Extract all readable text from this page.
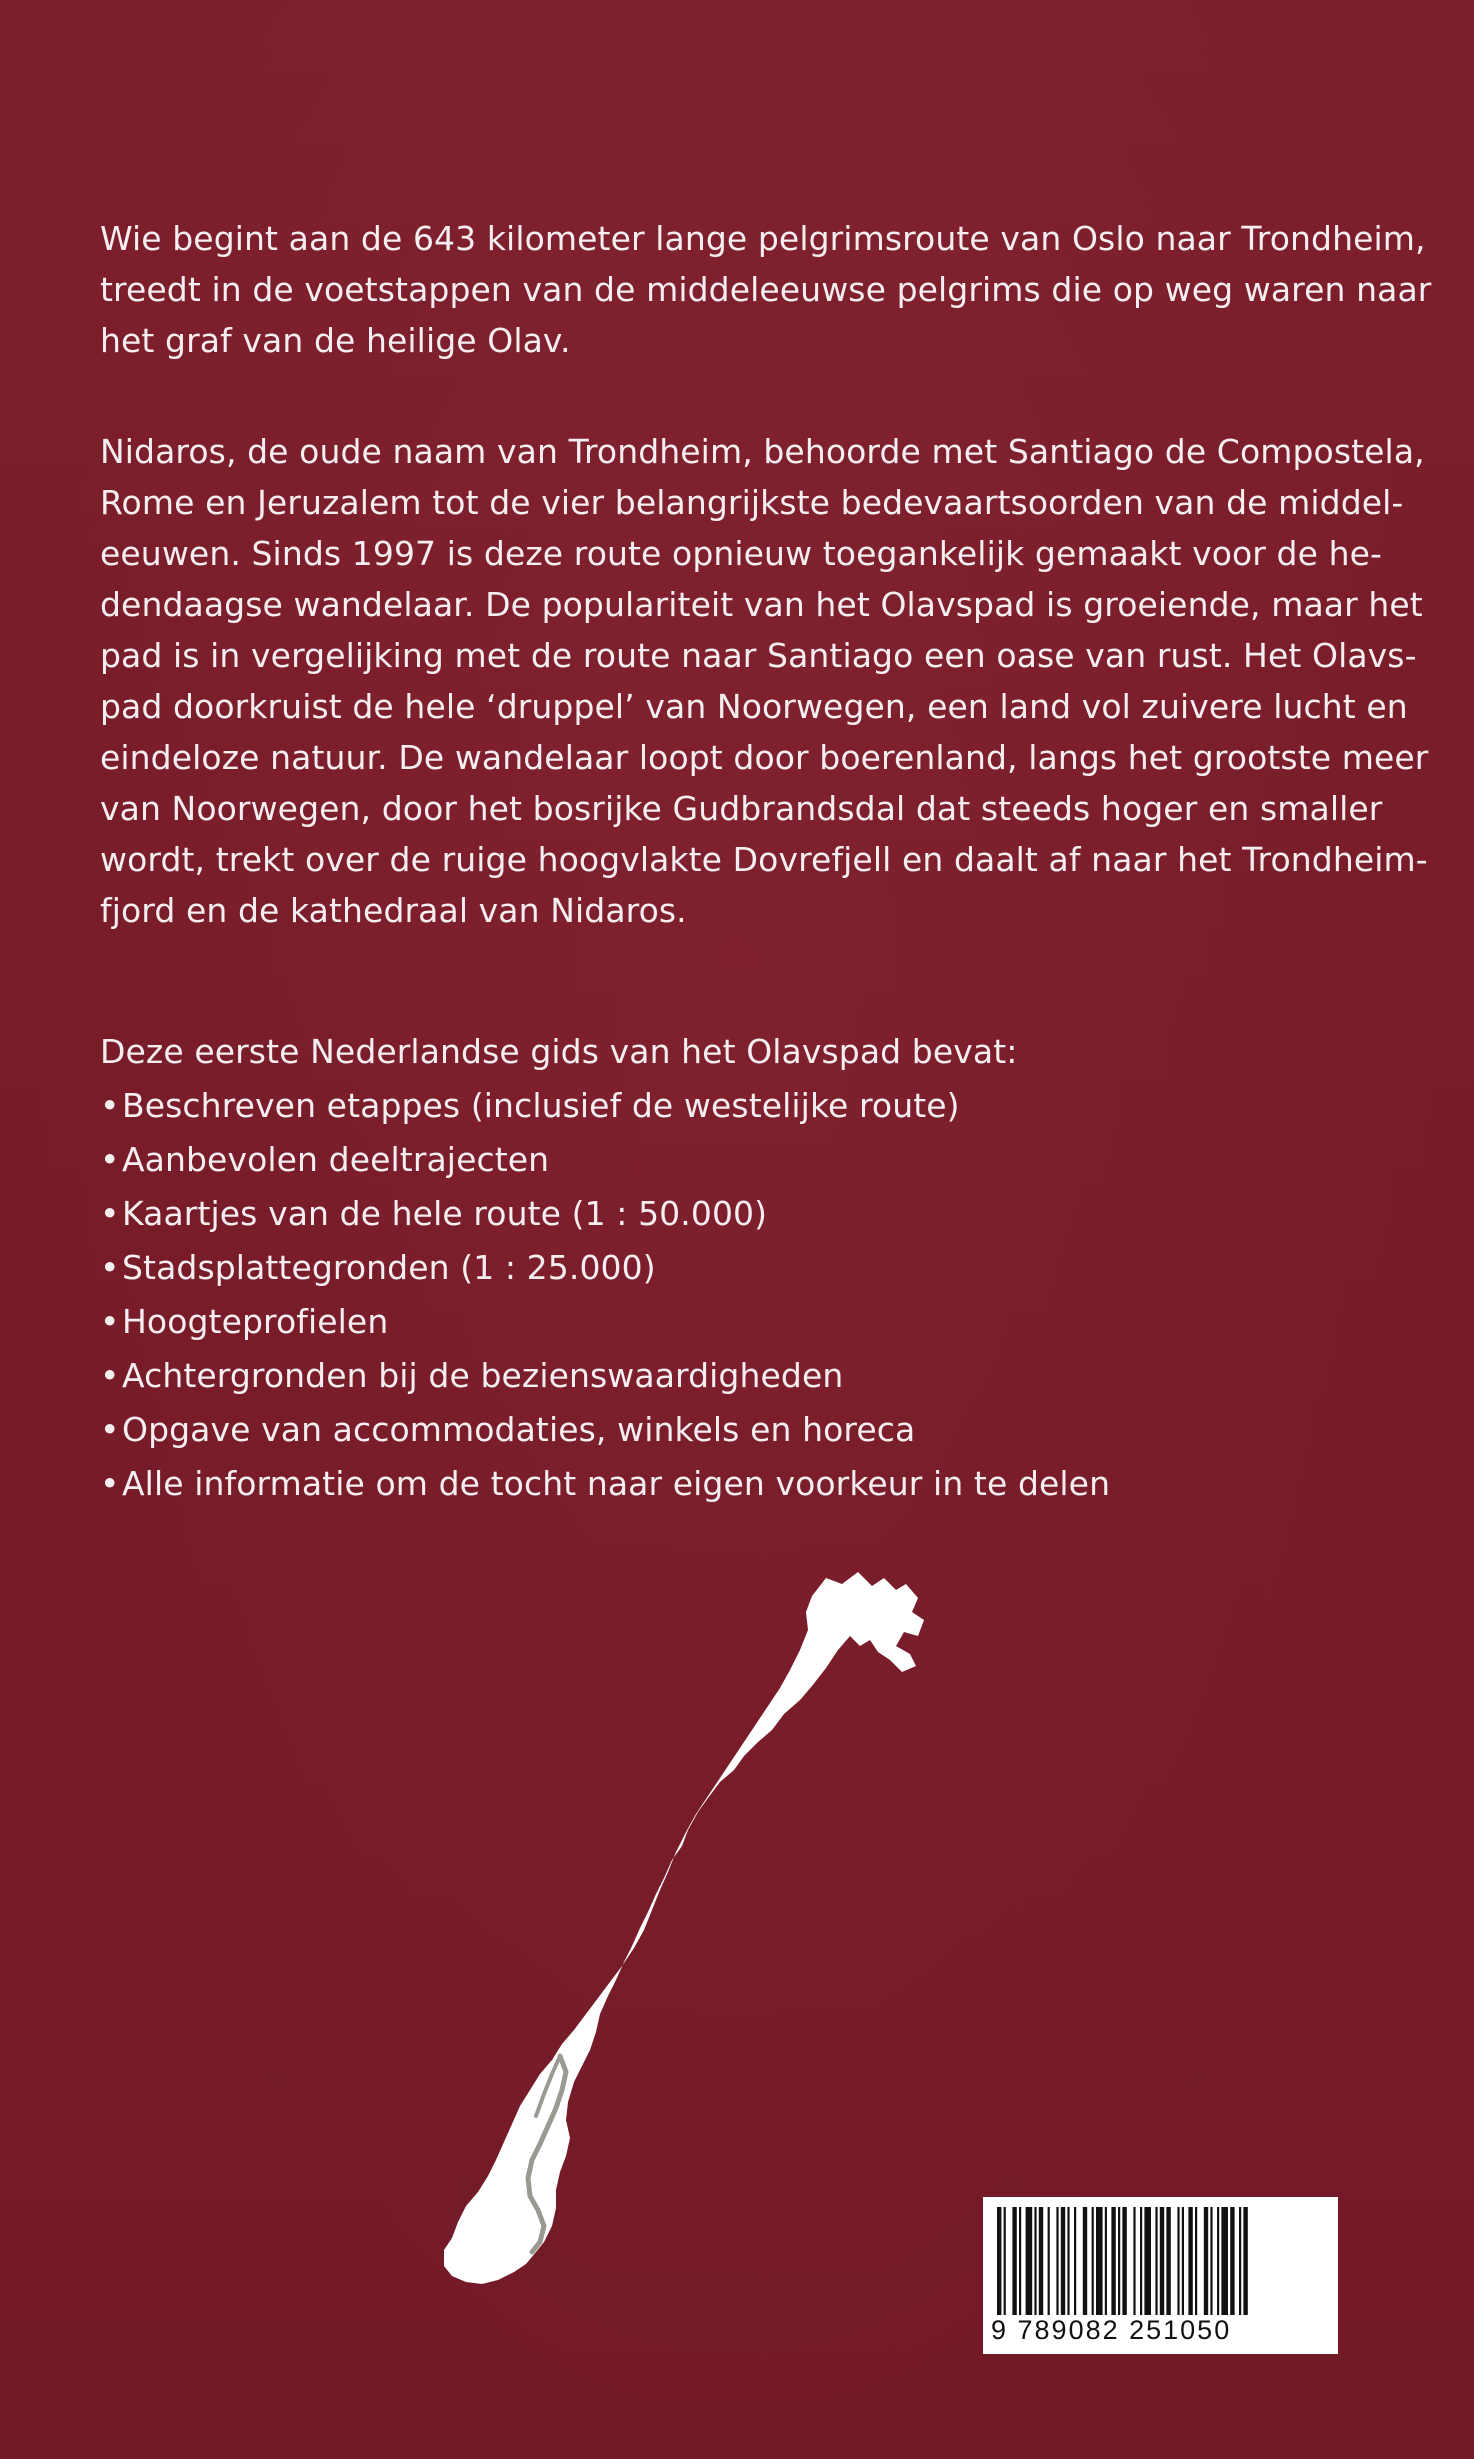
Wie begint aan de 643 kilometer lange pelgrimsroute van Oslo naar Trondheim,
treedt in de voetstappen van de middeleeuwse pelgrims die op weg waren naar
het graf van de heilige Olav.
Nidaros, de oude naam van Trondheim, behoorde met Santiago de Compostela,
Rome en Jeruzalem tot de vier belangrijkste bedevaartsoorden van de middel-
eeuwen. Sinds 1997 is deze route opnieuw toegankelijk gemaakt voor de he-
dendaagse wandelaar. De populariteit van het Olavspad is groeiende, maar het
pad is in vergelijking met de route naar Santiago een oase van rust. Het Olavs-
pad doorkruist de hele ‘druppel’ van Noorwegen, een land vol zuivere lucht en
eindeloze natuur. De wandelaar loopt door boerenland, langs het grootste meer
van Noorwegen, door het bosrijke Gudbrandsdal dat steeds hoger en smaller
wordt, trekt over de ruige hoogvlakte Dovrefjell en daalt af naar het Trondheim-
fjord en de kathedraal van Nidaros.
Deze eerste Nederlandse gids van het Olavspad bevat:
•Beschreven etappes (inclusief de westelijke route)
•Aanbevolen deeltrajecten
•Kaartjes van de hele route (1 : 50.000)
•Stadsplattegronden (1 : 25.000)
•Hoogteprofielen
•Achtergronden bij de bezienswaardigheden
•Opgave van accommodaties, winkels en horeca
•Alle informatie om de tocht naar eigen voorkeur in te delen
9 789082 251050
